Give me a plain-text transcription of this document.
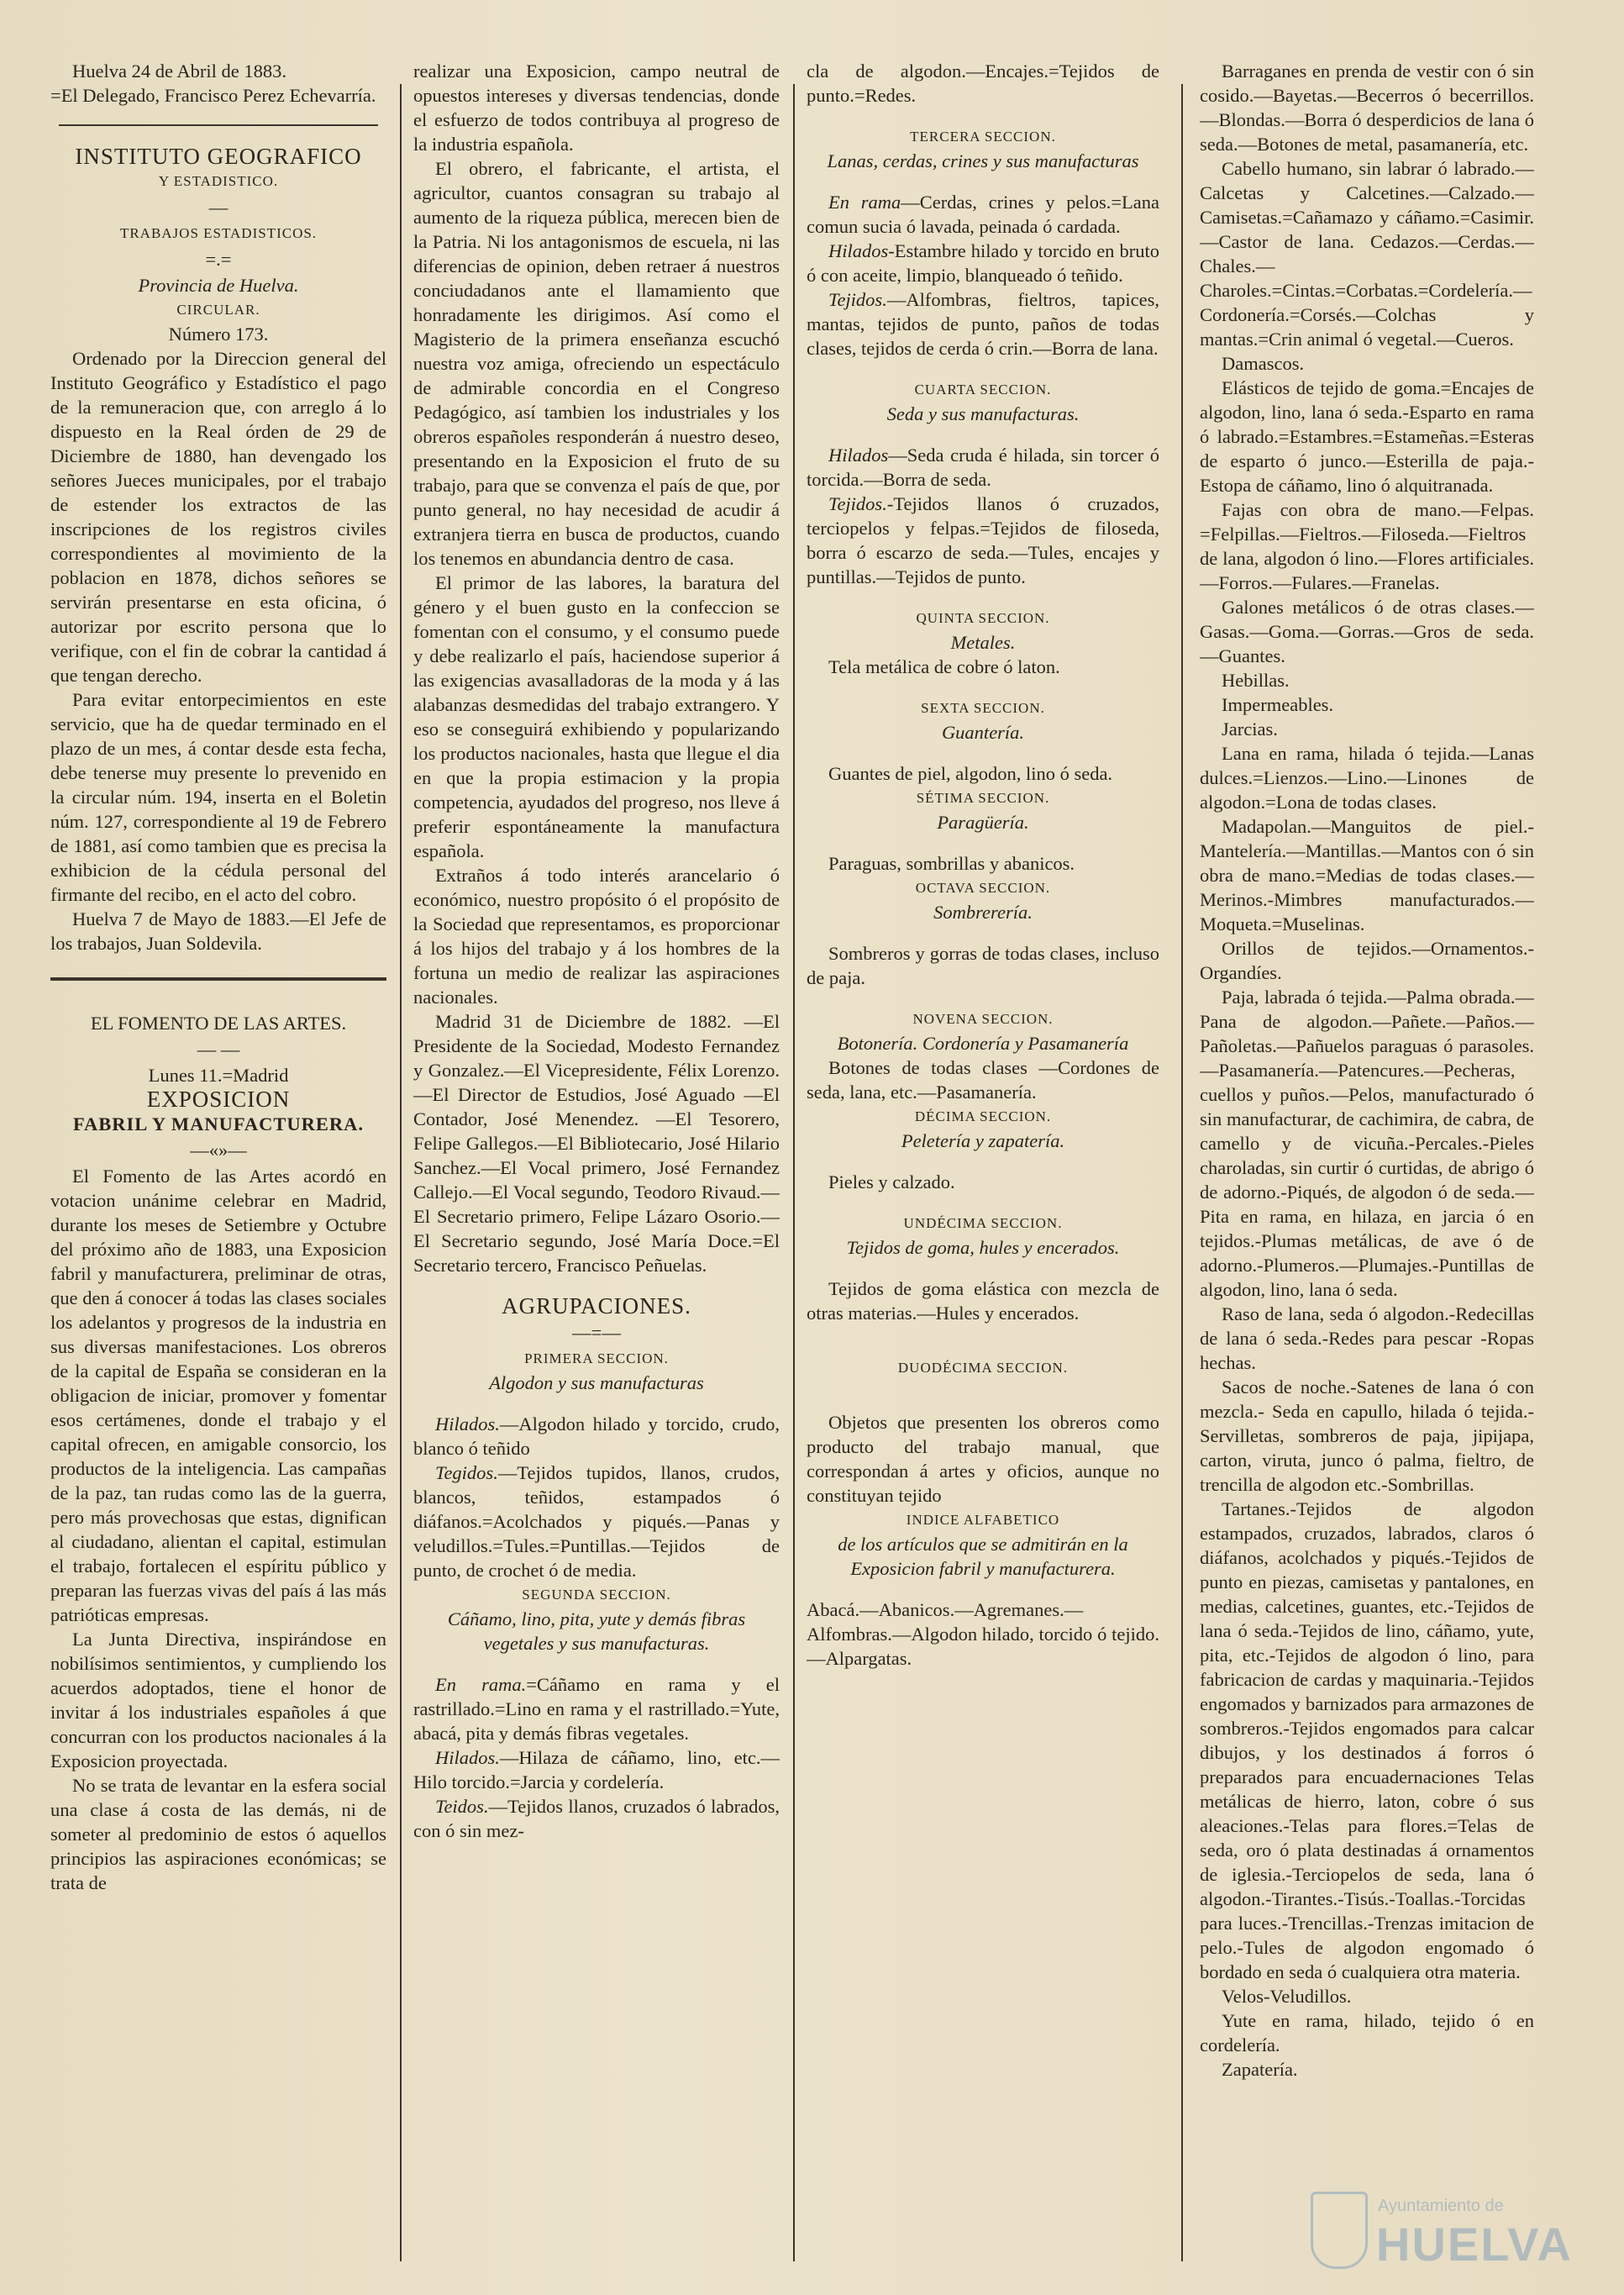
Huelva 24 de Abril de 1883.

=El Delegado, Francisco Perez Echevarría.

INSTITUTO GEOGRAFICO
Y ESTADISTICO.
—
TRABAJOS ESTADISTICOS.
=.=
Provincia de Huelva.
CIRCULAR.
Número 173.

Ordenado por la Direccion general del Instituto Geográfico y Estadístico el pago de la remuneracion que, con arreglo á lo dispuesto en la Real órden de 29 de Diciembre de 1880, han devengado los señores Jueces municipales, por el trabajo de estender los extractos de las inscripciones de los registros civiles correspondientes al movimiento de la poblacion en 1878, dichos señores se servirán presentarse en esta oficina, ó autorizar por escrito persona que lo verifique, con el fin de cobrar la cantidad á que tengan derecho.

Para evitar entorpecimientos en este servicio, que ha de quedar terminado en el plazo de un mes, á contar desde esta fecha, debe tenerse muy presente lo prevenido en la circular núm. 194, inserta en el Boletin núm. 127, correspondiente al 19 de Febrero de 1881, así como tambien que es precisa la exhibicion de la cédula personal del firmante del recibo, en el acto del cobro.

Huelva 7 de Mayo de 1883.—El Jefe de los trabajos, Juan Soldevila.

EL FOMENTO DE LAS ARTES.
— —
Lunes 11.=Madrid
EXPOSICION
FABRIL Y MANUFACTURERA.
—«»—

El Fomento de las Artes acordó en votacion unánime celebrar en Madrid, durante los meses de Setiembre y Octubre del próximo año de 1883, una Exposicion fabril y manufacturera, preliminar de otras, que den á conocer á todas las clases sociales los adelantos y progresos de la industria en sus diversas manifestaciones. Los obreros de la capital de España se consideran en la obligacion de iniciar, promover y fomentar esos certámenes, donde el trabajo y el capital ofrecen, en amigable consorcio, los productos de la inteligencia. Las campañas de la paz, tan rudas como las de la guerra, pero más provechosas que estas, dignifican al ciudadano, alientan el capital, estimulan el trabajo, fortalecen el espíritu público y preparan las fuerzas vivas del país á las más patrióticas empresas.

La Junta Directiva, inspirándose en nobilísimos sentimientos, y cumpliendo los acuerdos adoptados, tiene el honor de invitar á los industriales españoles á que concurran con los productos nacionales á la Exposicion proyectada.

No se trata de levantar en la esfera social una clase á costa de las demás, ni de someter al predominio de estos ó aquellos principios las aspiraciones económicas; se trata de

realizar una Exposicion, campo neutral de opuestos intereses y diversas tendencias, donde el esfuerzo de todos contribuya al progreso de la industria española.

El obrero, el fabricante, el artista, el agricultor, cuantos consagran su trabajo al aumento de la riqueza pública, merecen bien de la Patria. Ni los antagonismos de escuela, ni las diferencias de opinion, deben retraer á nuestros conciudadanos ante el llamamiento que honradamente les dirigimos. Así como el Magisterio de la primera enseñanza escuchó nuestra voz amiga, ofreciendo un espectáculo de admirable concordia en el Congreso Pedagógico, así tambien los industriales y los obreros españoles responderán á nuestro deseo, presentando en la Exposicion el fruto de su trabajo, para que se convenza el país de que, por punto general, no hay necesidad de acudir á extranjera tierra en busca de productos, cuando los tenemos en abundancia dentro de casa.

El primor de las labores, la baratura del género y el buen gusto en la confeccion se fomentan con el consumo, y el consumo puede y debe realizarlo el país, haciendose superior á las exigencias avasalladoras de la moda y á las alabanzas desmedidas del trabajo extrangero. Y eso se conseguirá exhibiendo y popularizando los productos nacionales, hasta que llegue el dia en que la propia estimacion y la propia competencia, ayudados del progreso, nos lleve á preferir espontáneamente la manufactura española.

Extraños á todo interés arancelario ó económico, nuestro propósito ó el propósito de la Sociedad que representamos, es proporcionar á los hijos del trabajo y á los hombres de la fortuna un medio de realizar las aspiraciones nacionales.

Madrid 31 de Diciembre de 1882. —El Presidente de la Sociedad, Modesto Fernandez y Gonzalez.—El Vicepresidente, Félix Lorenzo.—El Director de Estudios, José Aguado —El Contador, José Menendez. —El Tesorero, Felipe Gallegos.—El Bibliotecario, José Hilario Sanchez.—El Vocal primero, José Fernandez Callejo.—El Vocal segundo, Teodoro Rivaud.—El Secretario primero, Felipe Lázaro Osorio.—El Secretario segundo, José María Doce.=El Secretario tercero, Francisco Peñuelas.

AGRUPACIONES.
—=—
PRIMERA SECCION.
Algodon y sus manufacturas

Hilados.—Algodon hilado y torcido, crudo, blanco ó teñido

Tegidos.—Tejidos tupidos, llanos, crudos, blancos, teñidos, estampados ó diáfanos.=Acolchados y piqués.—Panas y veludillos.=Tules.=Puntillas.—Tejidos de punto, de crochet ó de media.

SEGUNDA SECCION.
Cáñamo, lino, pita, yute y demás fibras vegetales y sus manufacturas.

En rama.=Cáñamo en rama y el rastrillado.=Lino en rama y el rastrillado.=Yute, abacá, pita y demás fibras vegetales.

Hilados.—Hilaza de cáñamo, lino, etc.—Hilo torcido.=Jarcia y cordelería.

Teidos.—Tejidos llanos, cruzados ó labrados, con ó sin mez-

cla de algodon.—Encajes.=Tejidos de punto.=Redes.

TERCERA SECCION.
Lanas, cerdas, crines y sus manufacturas

En rama—Cerdas, crines y pelos.=Lana comun sucia ó lavada, peinada ó cardada.

Hilados-Estambre hilado y torcido en bruto ó con aceite, limpio, blanqueado ó teñido.

Tejidos.—Alfombras, fieltros, tapices, mantas, tejidos de punto, paños de todas clases, tejidos de cerda ó crin.—Borra de lana.

CUARTA SECCION.
Seda y sus manufacturas.

Hilados—Seda cruda é hilada, sin torcer ó torcida.—Borra de seda.

Tejidos.-Tejidos llanos ó cruzados, terciopelos y felpas.=Tejidos de filoseda, borra ó escarzo de seda.—Tules, encajes y puntillas.—Tejidos de punto.

QUINTA SECCION.
Metales.

Tela metálica de cobre ó laton.

SEXTA SECCION.
Guantería.

Guantes de piel, algodon, lino ó seda.

SÉTIMA SECCION.
Paragüería.

Paraguas, sombrillas y abanicos.

OCTAVA SECCION.
Sombrerería.

Sombreros y gorras de todas clases, incluso de paja.

NOVENA SECCION.
Botonería. Cordonería y Pasamanería

Botones de todas clases —Cordones de seda, lana, etc.—Pasamanería.

DÉCIMA SECCION.
Peletería y zapatería.

Pieles y calzado.

UNDÉCIMA SECCION.
Tejidos de goma, hules y encerados.

Tejidos de goma elástica con mezcla de otras materias.—Hules y encerados.

DUODÉCIMA SECCION.

Objetos que presenten los obreros como producto del trabajo manual, que correspondan á artes y oficios, aunque no constituyan tejido

INDICE ALFABETICO
de los artículos que se admitirán en la Exposicion fabril y manufacturera.

Abacá.—Abanicos.—Agremanes.—Alfombras.—Algodon hilado, torcido ó tejido.—Alpargatas.

Barraganes en prenda de vestir con ó sin cosido.—Bayetas.—Becerros ó becerrillos.—Blondas.—Borra ó desperdicios de lana ó seda.—Botones de metal, pasamanería, etc.

Cabello humano, sin labrar ó labrado.—Calcetas y Calcetines.—Calzado.—Camisetas.=Cañamazo y cáñamo.=Casimir.—Castor de lana. Cedazos.—Cerdas.—Chales.—Charoles.=Cintas.=Corbatas.=Cordelería.—Cordonería.=Corsés.—Colchas y mantas.=Crin animal ó vegetal.—Cueros.

Damascos.

Elásticos de tejido de goma.=Encajes de algodon, lino, lana ó seda.-Esparto en rama ó labrado.=Estambres.=Estameñas.=Esteras de esparto ó junco.—Esterilla de paja.-Estopa de cáñamo, lino ó alquitranada.

Fajas con obra de mano.—Felpas. =Felpillas.—Fieltros.—Filoseda.—Fieltros de lana, algodon ó lino.—Flores artificiales.—Forros.—Fulares.—Franelas.

Galones metálicos ó de otras clases.—Gasas.—Goma.—Gorras.—Gros de seda.—Guantes.

Hebillas.

Impermeables.

Jarcias.

Lana en rama, hilada ó tejida.—Lanas dulces.=Lienzos.—Lino.—Linones de algodon.=Lona de todas clases.

Madapolan.—Manguitos de piel.-Mantelería.—Mantillas.—Mantos con ó sin obra de mano.=Medias de todas clases.—Merinos.-Mimbres manufacturados.—Moqueta.=Muselinas.

Orillos de tejidos.—Ornamentos.-Organdíes.

Paja, labrada ó tejida.—Palma obrada.—Pana de algodon.—Pañete.—Paños.—Pañoletas.—Pañuelos paraguas ó parasoles.—Pasamanería.—Patencures.—Pecheras, cuellos y puños.—Pelos, manufacturado ó sin manufacturar, de cachimira, de cabra, de camello y de vicuña.-Percales.-Pieles charoladas, sin curtir ó curtidas, de abrigo ó de adorno.-Piqués, de algodon ó de seda.—Pita en rama, en hilaza, en jarcia ó en tejidos.-Plumas metálicas, de ave ó de adorno.-Plumeros.—Plumajes.-Puntillas de algodon, lino, lana ó seda.

Raso de lana, seda ó algodon.-Redecillas de lana ó seda.-Redes para pescar -Ropas hechas.

Sacos de noche.-Satenes de lana ó con mezcla.- Seda en capullo, hilada ó tejida.-Servilletas, sombreros de paja, jipijapa, carton, viruta, junco ó palma, fieltro, de trencilla de algodon etc.-Sombrillas.

Tartanes.-Tejidos de algodon estampados, cruzados, labrados, claros ó diáfanos, acolchados y piqués.-Tejidos de punto en piezas, camisetas y pantalones, en medias, calcetines, guantes, etc.-Tejidos de lana ó seda.-Tejidos de lino, cáñamo, yute, pita, etc.-Tejidos de algodon ó lino, para fabricacion de cardas y maquinaria.-Tejidos engomados y barnizados para armazones de sombreros.-Tejidos engomados para calcar dibujos, y los destinados á forros ó preparados para encuadernaciones Telas metálicas de hierro, laton, cobre ó sus aleaciones.-Telas para flores.=Telas de seda, oro ó plata destinadas á ornamentos de iglesia.-Terciopelos de seda, lana ó algodon.-Tirantes.-Tisús.-Toallas.-Torcidas para luces.-Trencillas.-Trenzas imitacion de pelo.-Tules de algodon engomado ó bordado en seda ó cualquiera otra materia.

Velos-Veludillos.

Yute en rama, hilado, tejido ó en cordelería.

Zapatería.

Ayuntamiento de
HUELVA
